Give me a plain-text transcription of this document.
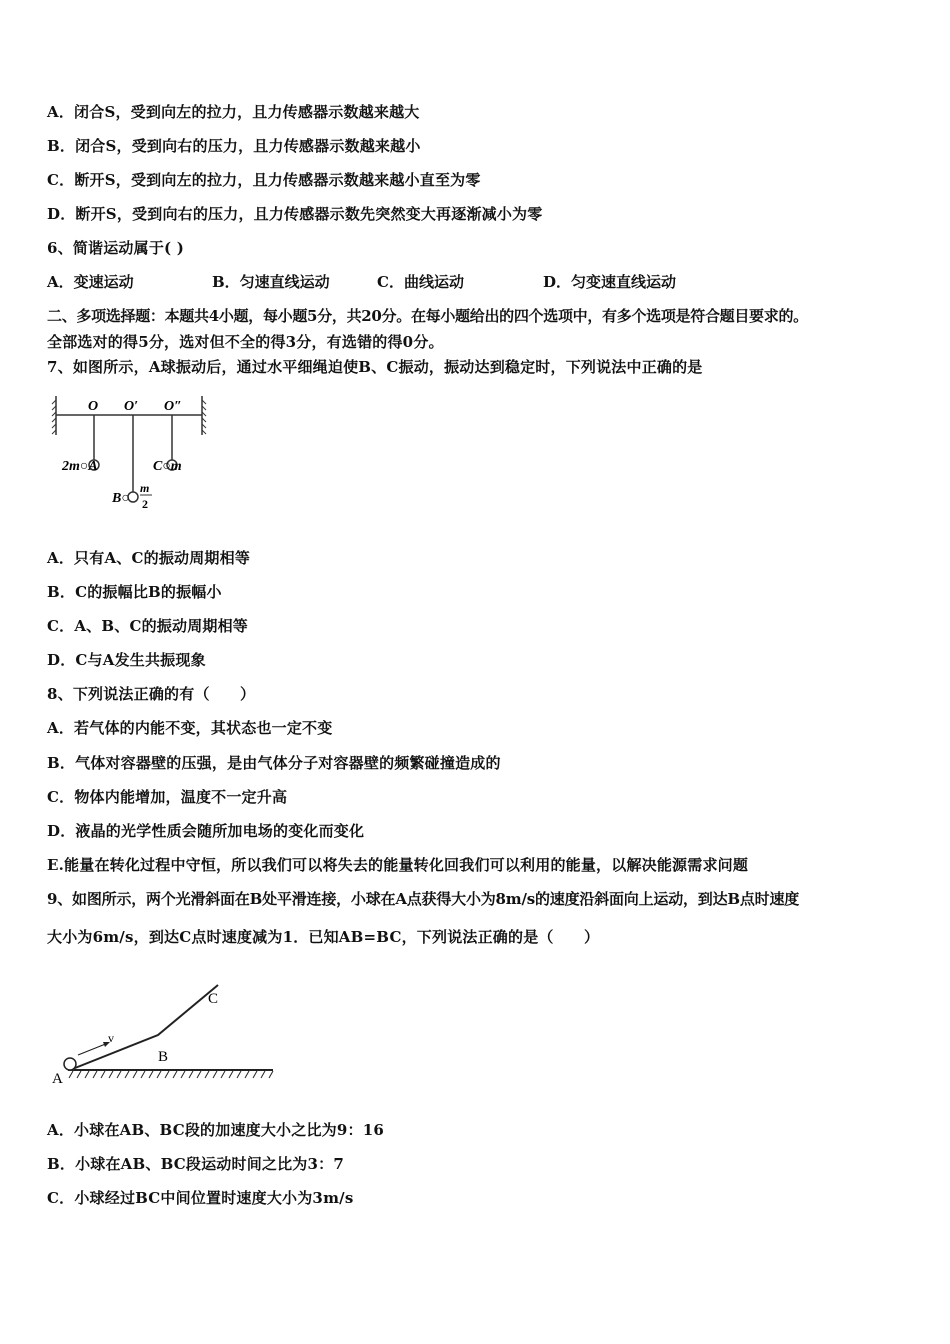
A．闭合S，受到向左的拉力，且力传感器示数越来越大
B．闭合S，受到向右的压力，且力传感器示数越来越小
C．断开S，受到向左的拉力，且力传感器示数越来越小直至为零
D．断开S，受到向右的压力，且力传感器示数先突然变大再逐渐减小为零
6、简谐运动属于( )
A．变速运动	B．匀速直线运动	C．曲线运动	D．匀变速直线运动
二、多项选择题：本题共4小题，每小题5分，共20分。在每小题给出的四个选项中，有多个选项是符合题目要求的。
全部选对的得5分，选对但不全的得3分，有选错的得0分。
7、如图所示，A球振动后，通过水平细绳迫使B、C振动，振动达到稳定时，下列说法中正确的是
O O′ O″
2m○A	C○m
B○
m
2
A．只有A、C的振动周期相等
B．C的振幅比B的振幅小
C．A、B、C的振动周期相等
D．C与A发生共振现象
8、下列说法正确的有（　　）
A．若气体的内能不变，其状态也一定不变
B．气体对容器壁的压强，是由气体分子对容器壁的频繁碰撞造成的
C．物体内能增加，温度不一定升高
D．液晶的光学性质会随所加电场的变化而变化
E.能量在转化过程中守恒，所以我们可以将失去的能量转化回我们可以利用的能量，以解决能源需求问题
9、如图所示，两个光滑斜面在B处平滑连接，小球在A点获得大小为8m/s的速度沿斜面向上运动，到达B点时速度
大小为6m/s，到达C点时速度减为1．已知AB=BC，下列说法正确的是（　　）
v
A
B
C
A．小球在AB、BC段的加速度大小之比为9：16
B．小球在AB、BC段运动时间之比为3：7
C．小球经过BC中间位置时速度大小为3m/s
